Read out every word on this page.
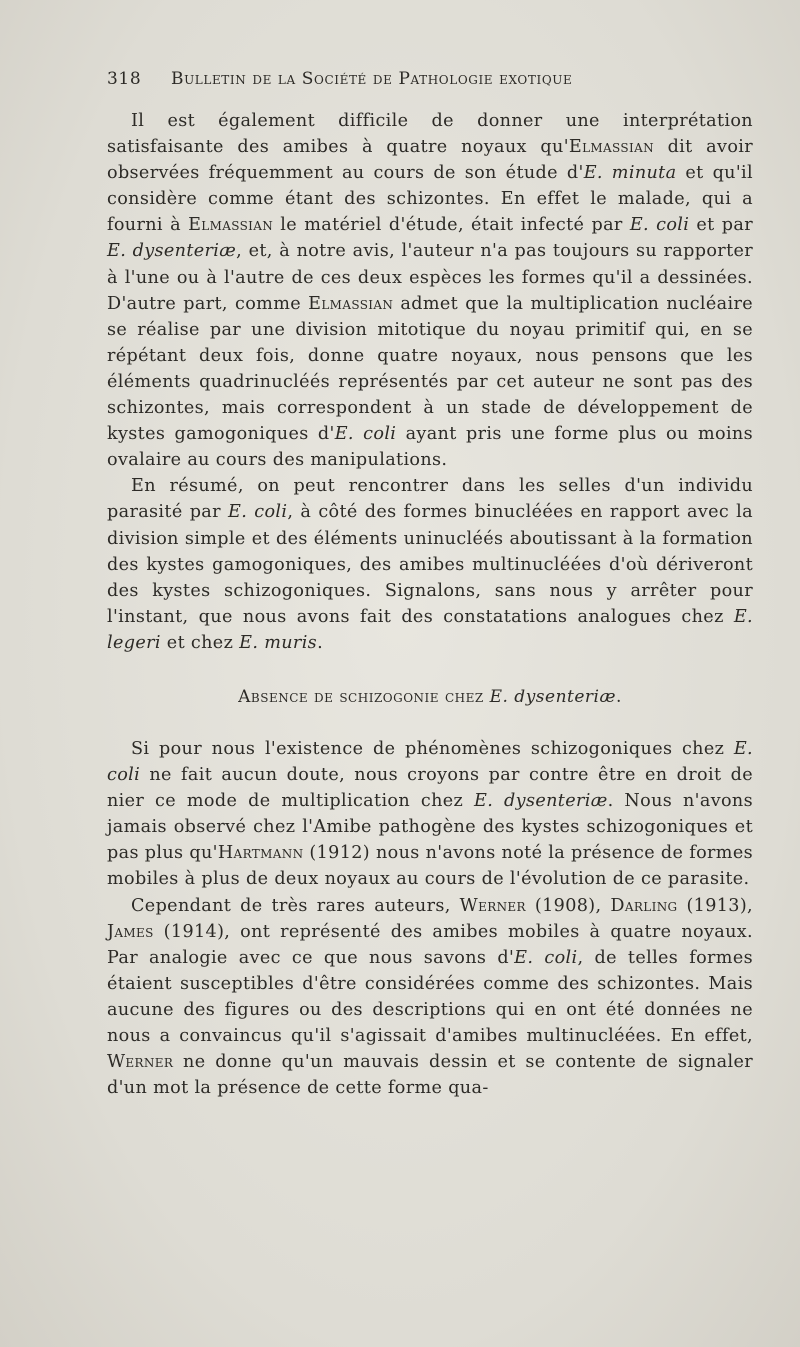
318 Bulletin de la Société de Pathologie exotique

Il est également difficile de donner une interprétation satisfaisante des amibes à quatre noyaux qu'Elmassian dit avoir observées fréquemment au cours de son étude d'E. minuta et qu'il considère comme étant des schizontes. En effet le malade, qui a fourni à Elmassian le matériel d'étude, était infecté par E. coli et par E. dysenteriæ, et, à notre avis, l'auteur n'a pas toujours su rapporter à l'une ou à l'autre de ces deux espèces les formes qu'il a dessinées. D'autre part, comme Elmassian admet que la multiplication nucléaire se réalise par une division mitotique du noyau primitif qui, en se répétant deux fois, donne quatre noyaux, nous pensons que les éléments quadrinucléés représentés par cet auteur ne sont pas des schizontes, mais correspondent à un stade de développement de kystes gamogoniques d'E. coli ayant pris une forme plus ou moins ovalaire au cours des manipulations.

En résumé, on peut rencontrer dans les selles d'un individu parasité par E. coli, à côté des formes binucléées en rapport avec la division simple et des éléments uninucléés aboutissant à la formation des kystes gamogoniques, des amibes multinucléées d'où dériveront des kystes schizogoniques. Signalons, sans nous y arrêter pour l'instant, que nous avons fait des constatations analogues chez E. legeri et chez E. muris.

Absence de schizogonie chez E. dysenteriæ.

Si pour nous l'existence de phénomènes schizogoniques chez E. coli ne fait aucun doute, nous croyons par contre être en droit de nier ce mode de multiplication chez E. dysenteriæ. Nous n'avons jamais observé chez l'Amibe pathogène des kystes schizogoniques et pas plus qu'Hartmann (1912) nous n'avons noté la présence de formes mobiles à plus de deux noyaux au cours de l'évolution de ce parasite.

Cependant de très rares auteurs, Werner (1908), Darling (1913), James (1914), ont représenté des amibes mobiles à quatre noyaux. Par analogie avec ce que nous savons d'E. coli, de telles formes étaient susceptibles d'être considérées comme des schizontes. Mais aucune des figures ou des descriptions qui en ont été données ne nous a convaincus qu'il s'agissait d'amibes multinucléées. En effet, Werner ne donne qu'un mauvais dessin et se contente de signaler d'un mot la présence de cette forme qua-
